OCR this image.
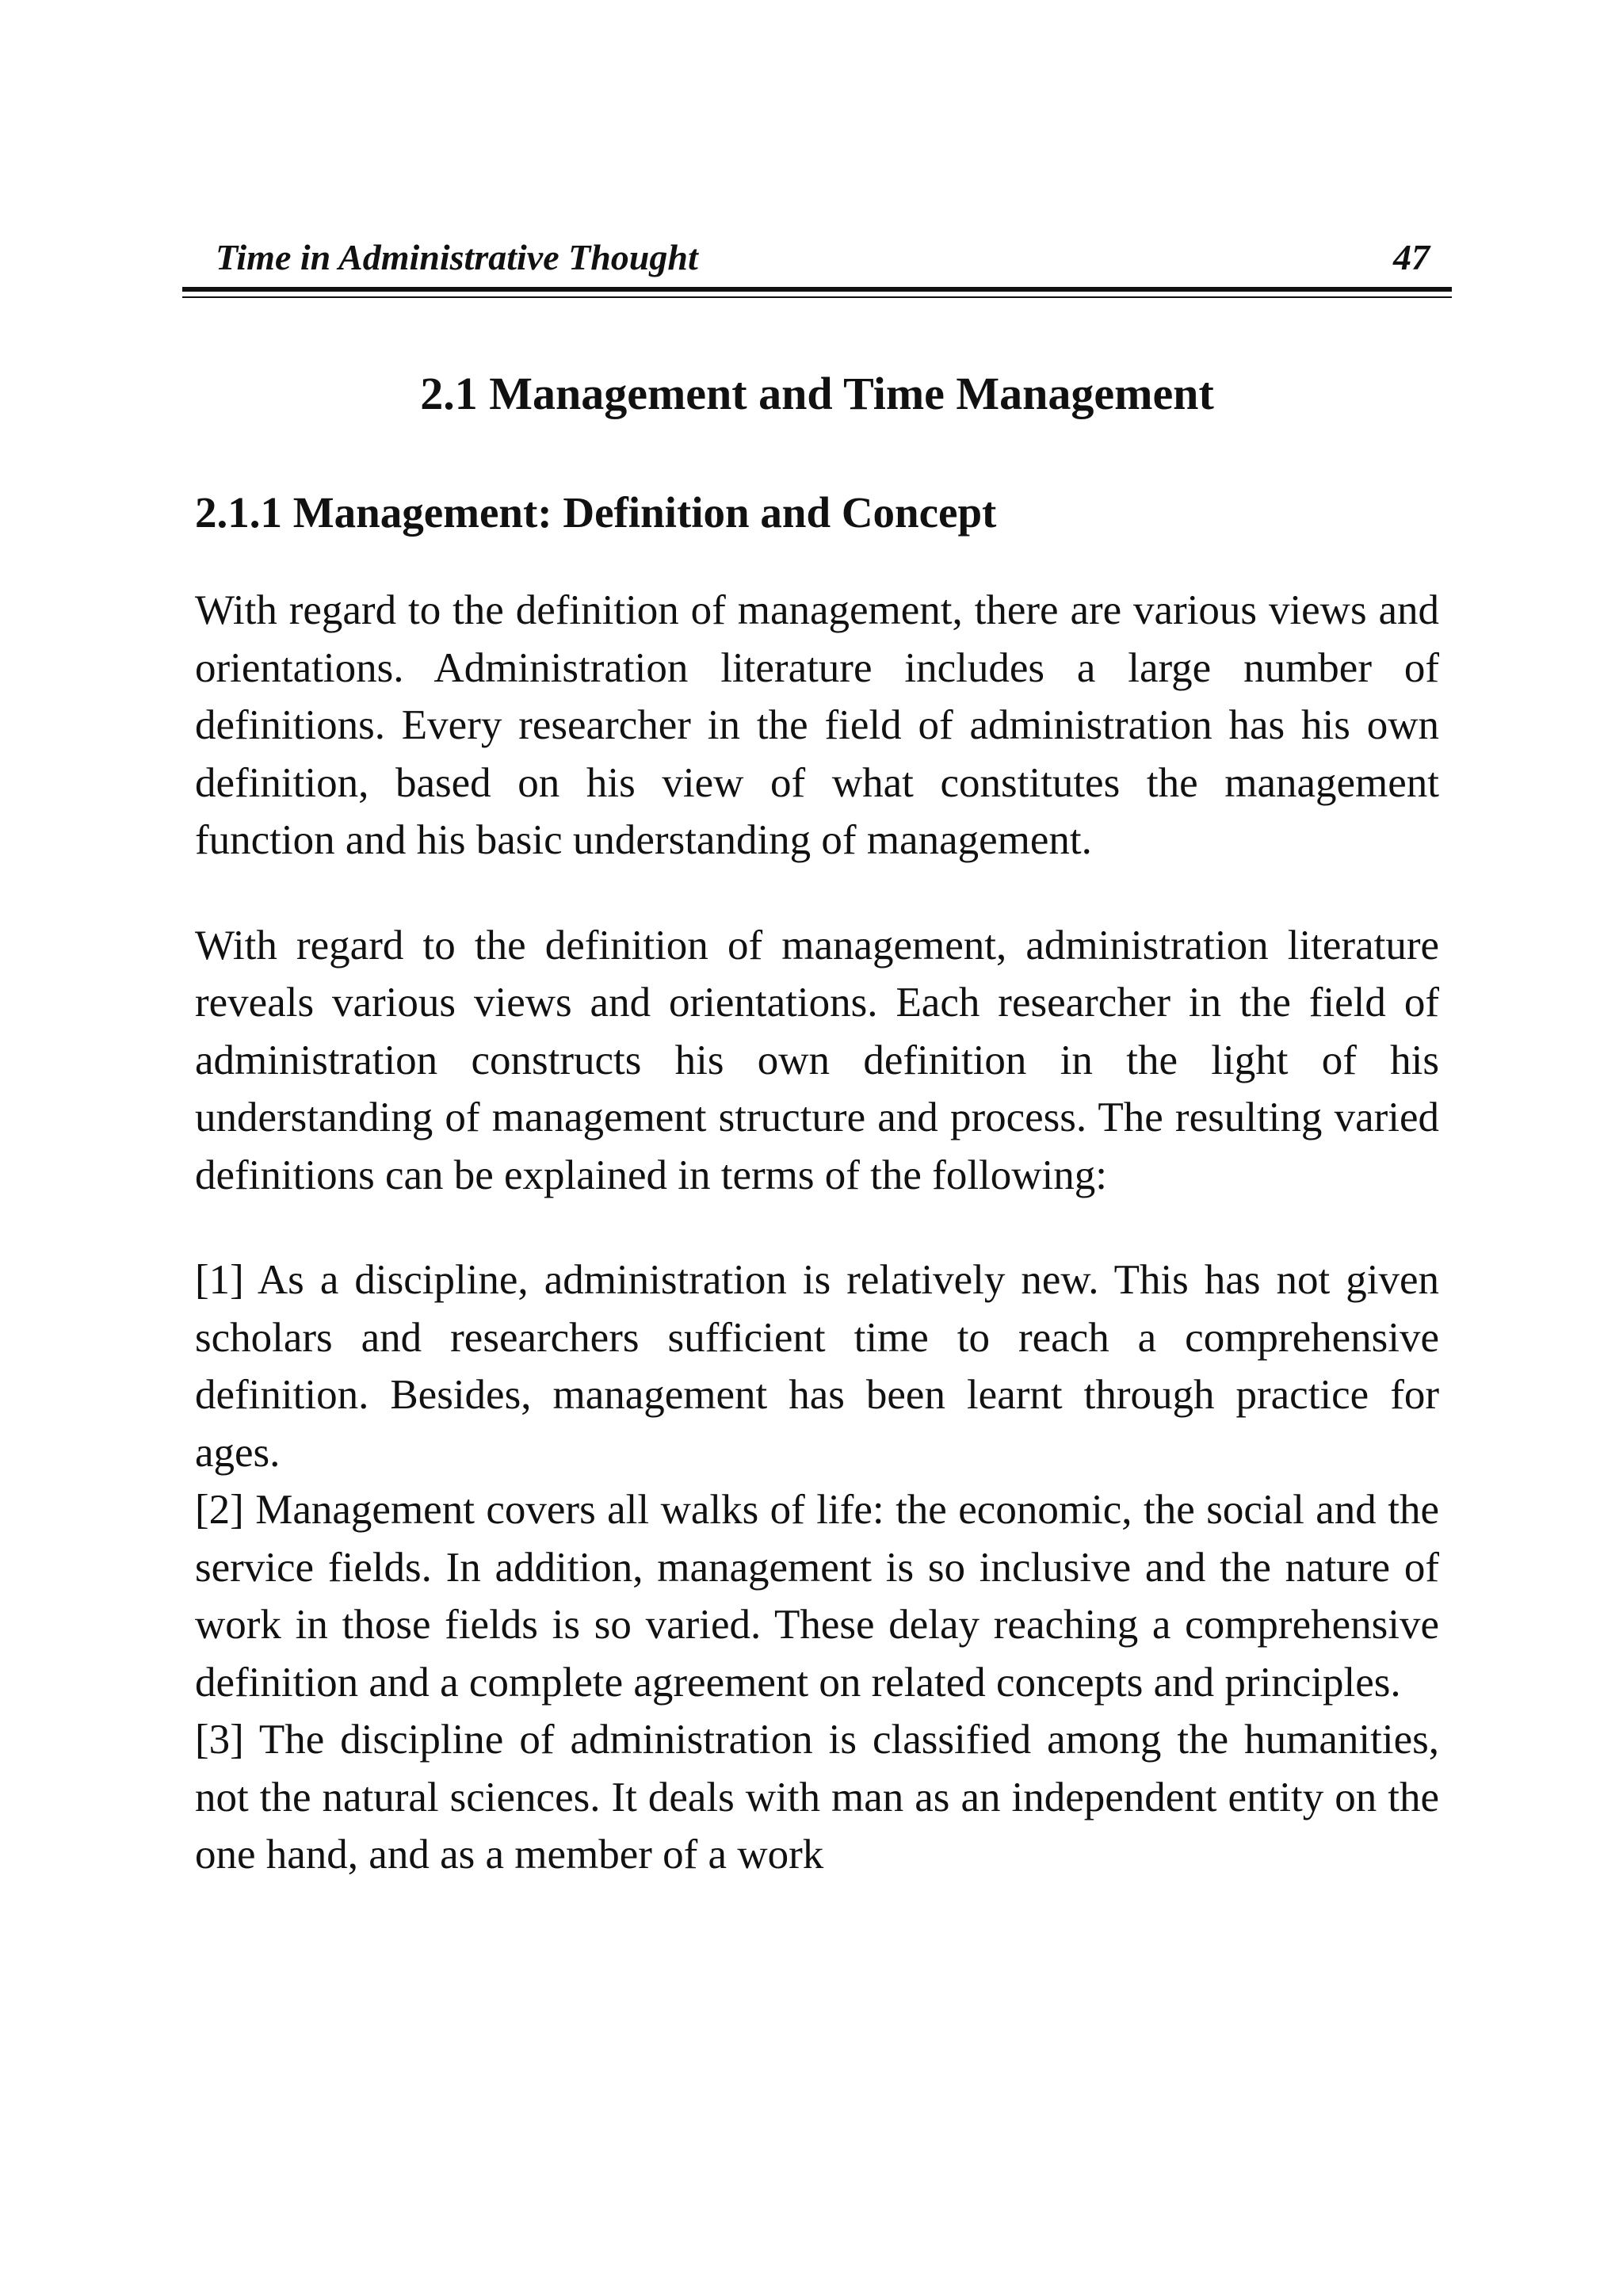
Time in Administrative Thought	47
2.1 Management and Time Management
2.1.1 Management: Definition and Concept

With regard to the definition of management, there are various views and orientations. Administration literature includes a large number of definitions. Every researcher in the field of administration has his own definition, based on his view of what constitutes the management function and his basic understanding of management.

With regard to the definition of management, administration literature reveals various views and orientations. Each researcher in the field of administration constructs his own definition in the light of his understanding of management structure and process. The resulting varied definitions can be explained in terms of the following:

[1] As a discipline, administration is relatively new. This has not given scholars and researchers sufficient time to reach a comprehensive definition. Besides, management has been learnt through practice for ages.

[2] Management covers all walks of life: the economic, the social and the service fields. In addition, management is so inclusive and the nature of work in those fields is so varied. These delay reaching a comprehensive definition and a complete agreement on related concepts and principles.

[3] The discipline of administration is classified among the humanities, not the natural sciences. It deals with man as an independent entity on the one hand, and as a member of a work
